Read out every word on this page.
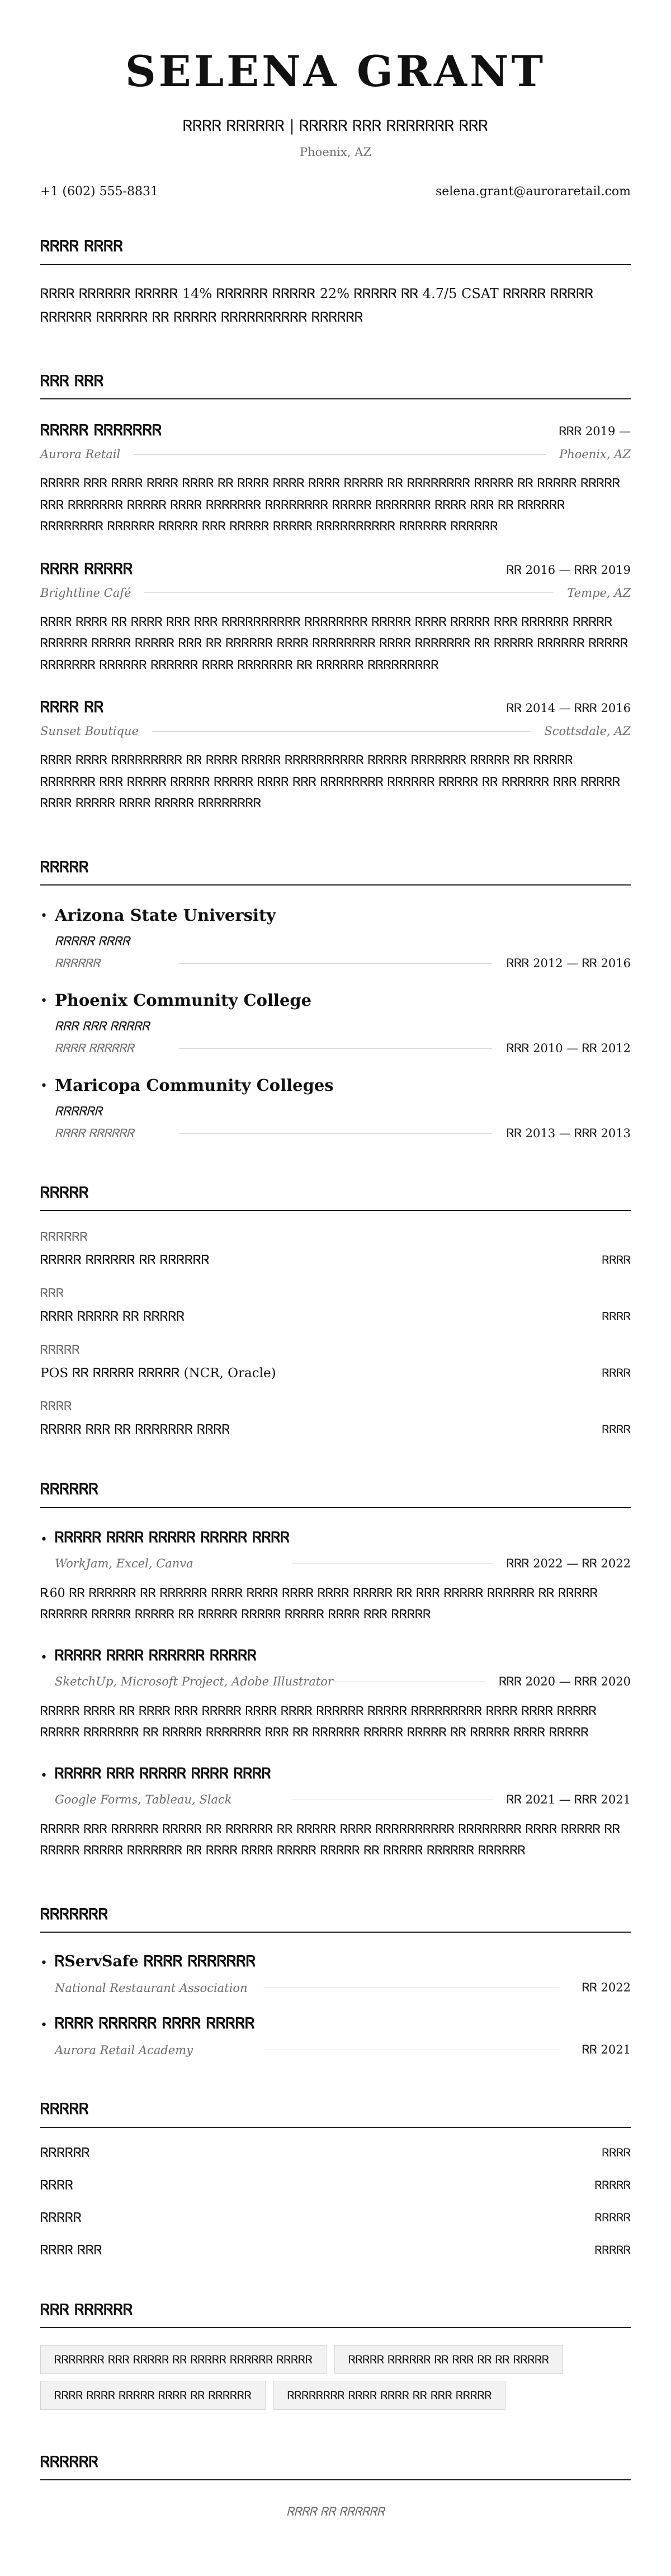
SELENA GRANT
ᏒᏒᏒᏒ ᏒᏒᏒᏒᏒᏒ | ᏒᏒᏒᏒᏒ ᏒᏒᏒ ᏒᏒᏒᏒᏒᏒᏒ ᏒᏒᏒ
Phoenix, AZ
+1 (602) 555-8831	selena.grant@auroraretail.com
ᏒᏒᏒᏒ ᏒᏒᏒᏒ

ᏒᏒᏒᏒ ᏒᏒᏒᏒᏒᏒ ᏒᏒᏒᏒᏒ 14% ᏒᏒᏒᏒᏒᏒ ᏒᏒᏒᏒᏒ 22% ᏒᏒᏒᏒᏒ ᏒᏒ 4.7/5 CSAT ᏒᏒᏒᏒᏒ ᏒᏒᏒᏒᏒ ᏒᏒᏒᏒᏒᏒ ᏒᏒᏒᏒᏒᏒ ᏒᏒ ᏒᏒᏒᏒᏒ ᏒᏒᏒᏒᏒᏒᏒᏒᏒᏒ ᏒᏒᏒᏒᏒᏒ

ᏒᏒᏒ ᏒᏒᏒ
ᏒᏒᏒᏒᏒ ᏒᏒᏒᏒᏒᏒᏒ	ᏒᏒᏒ 2019 —
Aurora Retail	Phoenix, AZ

ᏒᏒᏒᏒᏒ ᏒᏒᏒ ᏒᏒᏒᏒ ᏒᏒᏒᏒ ᏒᏒᏒᏒ ᏒᏒ ᏒᏒᏒᏒ ᏒᏒᏒᏒ ᏒᏒᏒᏒ ᏒᏒᏒᏒᏒ ᏒᏒ ᏒᏒᏒᏒᏒᏒᏒᏒ ᏒᏒᏒᏒᏒ ᏒᏒ ᏒᏒᏒᏒᏒ ᏒᏒᏒᏒᏒ ᏒᏒᏒ ᏒᏒᏒᏒᏒᏒᏒ ᏒᏒᏒᏒᏒ ᏒᏒᏒᏒ ᏒᏒᏒᏒᏒᏒᏒ ᏒᏒᏒᏒᏒᏒᏒᏒ ᏒᏒᏒᏒᏒ ᏒᏒᏒᏒᏒᏒᏒ ᏒᏒᏒᏒ ᏒᏒᏒ ᏒᏒ ᏒᏒᏒᏒᏒᏒ ᏒᏒᏒᏒᏒᏒᏒᏒ ᏒᏒᏒᏒᏒᏒ ᏒᏒᏒᏒᏒ ᏒᏒᏒ ᏒᏒᏒᏒᏒ ᏒᏒᏒᏒᏒ ᏒᏒᏒᏒᏒᏒᏒᏒᏒᏒ ᏒᏒᏒᏒᏒᏒ ᏒᏒᏒᏒᏒᏒ

ᏒᏒᏒᏒ ᏒᏒᏒᏒᏒ	ᏒᏒ 2016 — ᏒᏒᏒ 2019
Brightline Café	Tempe, AZ

ᏒᏒᏒᏒ ᏒᏒᏒᏒ ᏒᏒ ᏒᏒᏒᏒ ᏒᏒᏒ ᏒᏒᏒ ᏒᏒᏒᏒᏒᏒᏒᏒᏒᏒ ᏒᏒᏒᏒᏒᏒᏒᏒ ᏒᏒᏒᏒᏒ ᏒᏒᏒᏒ ᏒᏒᏒᏒᏒ ᏒᏒᏒ ᏒᏒᏒᏒᏒᏒ ᏒᏒᏒᏒᏒ ᏒᏒᏒᏒᏒᏒ ᏒᏒᏒᏒᏒ ᏒᏒᏒᏒᏒ ᏒᏒᏒ ᏒᏒ ᏒᏒᏒᏒᏒᏒ ᏒᏒᏒᏒ ᏒᏒᏒᏒᏒᏒᏒᏒ ᏒᏒᏒᏒ ᏒᏒᏒᏒᏒᏒᏒ ᏒᏒ ᏒᏒᏒᏒᏒ ᏒᏒᏒᏒᏒᏒ ᏒᏒᏒᏒᏒ ᏒᏒᏒᏒᏒᏒᏒ ᏒᏒᏒᏒᏒᏒ ᏒᏒᏒᏒᏒᏒ ᏒᏒᏒᏒ ᏒᏒᏒᏒᏒᏒᏒ ᏒᏒ ᏒᏒᏒᏒᏒᏒ ᏒᏒᏒᏒᏒᏒᏒᏒᏒ

ᏒᏒᏒᏒ ᏒᏒ	ᏒᏒ 2014 — ᏒᏒᏒ 2016
Sunset Boutique	Scottsdale, AZ

ᏒᏒᏒᏒ ᏒᏒᏒᏒ ᏒᏒᏒᏒᏒᏒᏒᏒᏒ ᏒᏒ ᏒᏒᏒᏒ ᏒᏒᏒᏒᏒ ᏒᏒᏒᏒᏒᏒᏒᏒᏒᏒ ᏒᏒᏒᏒᏒ ᏒᏒᏒᏒᏒᏒᏒ ᏒᏒᏒᏒᏒ ᏒᏒ ᏒᏒᏒᏒᏒ ᏒᏒᏒᏒᏒᏒᏒ ᏒᏒᏒ ᏒᏒᏒᏒᏒ ᏒᏒᏒᏒᏒ ᏒᏒᏒᏒᏒ ᏒᏒᏒᏒ ᏒᏒᏒ ᏒᏒᏒᏒᏒᏒᏒᏒ ᏒᏒᏒᏒᏒᏒ ᏒᏒᏒᏒᏒ ᏒᏒ ᏒᏒᏒᏒᏒᏒ ᏒᏒᏒ ᏒᏒᏒᏒᏒ ᏒᏒᏒᏒ ᏒᏒᏒᏒᏒ ᏒᏒᏒᏒ ᏒᏒᏒᏒᏒ ᏒᏒᏒᏒᏒᏒᏒᏒ

ᏒᏒᏒᏒᏒ
• Arizona State University
ᏒᏒᏒᏒᏒ ᏒᏒᏒᏒ
ᏒᏒᏒᏒᏒᏒ	ᏒᏒᏒ 2012 — ᏒᏒ 2016
• Phoenix Community College
ᏒᏒᏒ ᏒᏒᏒ ᏒᏒᏒᏒᏒ
ᏒᏒᏒᏒ ᏒᏒᏒᏒᏒᏒ	ᏒᏒᏒ 2010 — ᏒᏒ 2012
• Maricopa Community Colleges
ᏒᏒᏒᏒᏒᏒ
ᏒᏒᏒᏒ ᏒᏒᏒᏒᏒᏒ	ᏒᏒ 2013 — ᏒᏒᏒ 2013
ᏒᏒᏒᏒᏒ
ᏒᏒᏒᏒᏒᏒ
ᏒᏒᏒᏒᏒ ᏒᏒᏒᏒᏒᏒ ᏒᏒ ᏒᏒᏒᏒᏒᏒ	ᏒᏒᏒᏒ
ᏒᏒᏒ
ᏒᏒᏒᏒ ᏒᏒᏒᏒᏒ ᏒᏒ ᏒᏒᏒᏒᏒ	ᏒᏒᏒᏒ
ᏒᏒᏒᏒᏒ
POS ᏒᏒ ᏒᏒᏒᏒᏒ ᏒᏒᏒᏒᏒ (NCR, Oracle)	ᏒᏒᏒᏒ
ᏒᏒᏒᏒ
ᏒᏒᏒᏒᏒ ᏒᏒᏒ ᏒᏒ ᏒᏒᏒᏒᏒᏒᏒ ᏒᏒᏒᏒ	ᏒᏒᏒᏒ
ᏒᏒᏒᏒᏒᏒ
• ᏒᏒᏒᏒᏒ ᏒᏒᏒᏒ ᏒᏒᏒᏒᏒ ᏒᏒᏒᏒᏒ ᏒᏒᏒᏒ
WorkJam, Excel, Canva	ᏒᏒᏒ 2022 — ᏒᏒ 2022

Ꭱ60 ᏒᏒ ᏒᏒᏒᏒᏒᏒ ᏒᏒ ᏒᏒᏒᏒᏒᏒ ᏒᏒᏒᏒ ᏒᏒᏒᏒ ᏒᏒᏒᏒ ᏒᏒᏒᏒ ᏒᏒᏒᏒᏒ ᏒᏒ ᏒᏒᏒ ᏒᏒᏒᏒᏒ ᏒᏒᏒᏒᏒᏒ ᏒᏒ ᏒᏒᏒᏒᏒ ᏒᏒᏒᏒᏒᏒ ᏒᏒᏒᏒᏒ ᏒᏒᏒᏒᏒ ᏒᏒ ᏒᏒᏒᏒᏒ ᏒᏒᏒᏒᏒ ᏒᏒᏒᏒᏒ ᏒᏒᏒᏒ ᏒᏒᏒ ᏒᏒᏒᏒᏒ

• ᏒᏒᏒᏒᏒ ᏒᏒᏒᏒ ᏒᏒᏒᏒᏒᏒ ᏒᏒᏒᏒᏒ
SketchUp, Microsoft Project, Adobe Illustrator	ᏒᏒᏒ 2020 — ᏒᏒᏒ 2020

ᏒᏒᏒᏒᏒ ᏒᏒᏒᏒ ᏒᏒ ᏒᏒᏒᏒ ᏒᏒᏒ ᏒᏒᏒᏒᏒ ᏒᏒᏒᏒ ᏒᏒᏒᏒ ᏒᏒᏒᏒᏒᏒ ᏒᏒᏒᏒᏒ ᏒᏒᏒᏒᏒᏒᏒᏒᏒ ᏒᏒᏒᏒ ᏒᏒᏒᏒ ᏒᏒᏒᏒᏒ ᏒᏒᏒᏒᏒ ᏒᏒᏒᏒᏒᏒᏒ ᏒᏒ ᏒᏒᏒᏒᏒ ᏒᏒᏒᏒᏒᏒᏒ ᏒᏒᏒ ᏒᏒ ᏒᏒᏒᏒᏒᏒ ᏒᏒᏒᏒᏒ ᏒᏒᏒᏒᏒ ᏒᏒ ᏒᏒᏒᏒᏒ ᏒᏒᏒᏒ ᏒᏒᏒᏒᏒ

• ᏒᏒᏒᏒᏒ ᏒᏒᏒ ᏒᏒᏒᏒᏒ ᏒᏒᏒᏒ ᏒᏒᏒᏒ
Google Forms, Tableau, Slack	ᏒᏒ 2021 — ᏒᏒᏒ 2021

ᏒᏒᏒᏒᏒ ᏒᏒᏒ ᏒᏒᏒᏒᏒᏒ ᏒᏒᏒᏒᏒ ᏒᏒ ᏒᏒᏒᏒᏒᏒ ᏒᏒ ᏒᏒᏒᏒᏒ ᏒᏒᏒᏒ ᏒᏒᏒᏒᏒᏒᏒᏒᏒᏒ ᏒᏒᏒᏒᏒᏒᏒᏒ ᏒᏒᏒᏒ ᏒᏒᏒᏒᏒ ᏒᏒ ᏒᏒᏒᏒᏒ ᏒᏒᏒᏒᏒ ᏒᏒᏒᏒᏒᏒᏒ ᏒᏒ ᏒᏒᏒᏒ ᏒᏒᏒᏒ ᏒᏒᏒᏒᏒ ᏒᏒᏒᏒᏒ ᏒᏒ ᏒᏒᏒᏒᏒ ᏒᏒᏒᏒᏒᏒ ᏒᏒᏒᏒᏒᏒ

ᏒᏒᏒᏒᏒᏒᏒ
• ᏒServSafe ᏒᏒᏒᏒ ᏒᏒᏒᏒᏒᏒᏒ
National Restaurant Association	ᏒᏒ 2022
• ᏒᏒᏒᏒ ᏒᏒᏒᏒᏒᏒ ᏒᏒᏒᏒ ᏒᏒᏒᏒᏒ
Aurora Retail Academy	ᏒᏒ 2021
ᏒᏒᏒᏒᏒ
ᏒᏒᏒᏒᏒᏒ	ᏒᏒᏒᏒ
ᏒᏒᏒᏒ	ᏒᏒᏒᏒᏒ
ᏒᏒᏒᏒᏒ	ᏒᏒᏒᏒᏒ
ᏒᏒᏒᏒ ᏒᏒᏒ	ᏒᏒᏒᏒᏒ
ᏒᏒᏒ ᏒᏒᏒᏒᏒᏒ
ᏒᏒᏒᏒᏒᏒᏒ ᏒᏒᏒ ᏒᏒᏒᏒᏒ ᏒᏒ ᏒᏒᏒᏒᏒ ᏒᏒᏒᏒᏒᏒ ᏒᏒᏒᏒᏒ	ᏒᏒᏒᏒᏒ ᏒᏒᏒᏒᏒᏒ ᏒᏒ ᏒᏒᏒ ᏒᏒ ᏒᏒ ᏒᏒᏒᏒᏒ
ᏒᏒᏒᏒ ᏒᏒᏒᏒ ᏒᏒᏒᏒᏒ ᏒᏒᏒᏒ ᏒᏒ ᏒᏒᏒᏒᏒᏒ	ᏒᏒᏒᏒᏒᏒᏒᏒ ᏒᏒᏒᏒ ᏒᏒᏒᏒ ᏒᏒ ᏒᏒᏒ ᏒᏒᏒᏒᏒ
ᏒᏒᏒᏒᏒᏒ

ᏒᏒᏒᏒ ᏒᏒ ᏒᏒᏒᏒᏒᏒ
